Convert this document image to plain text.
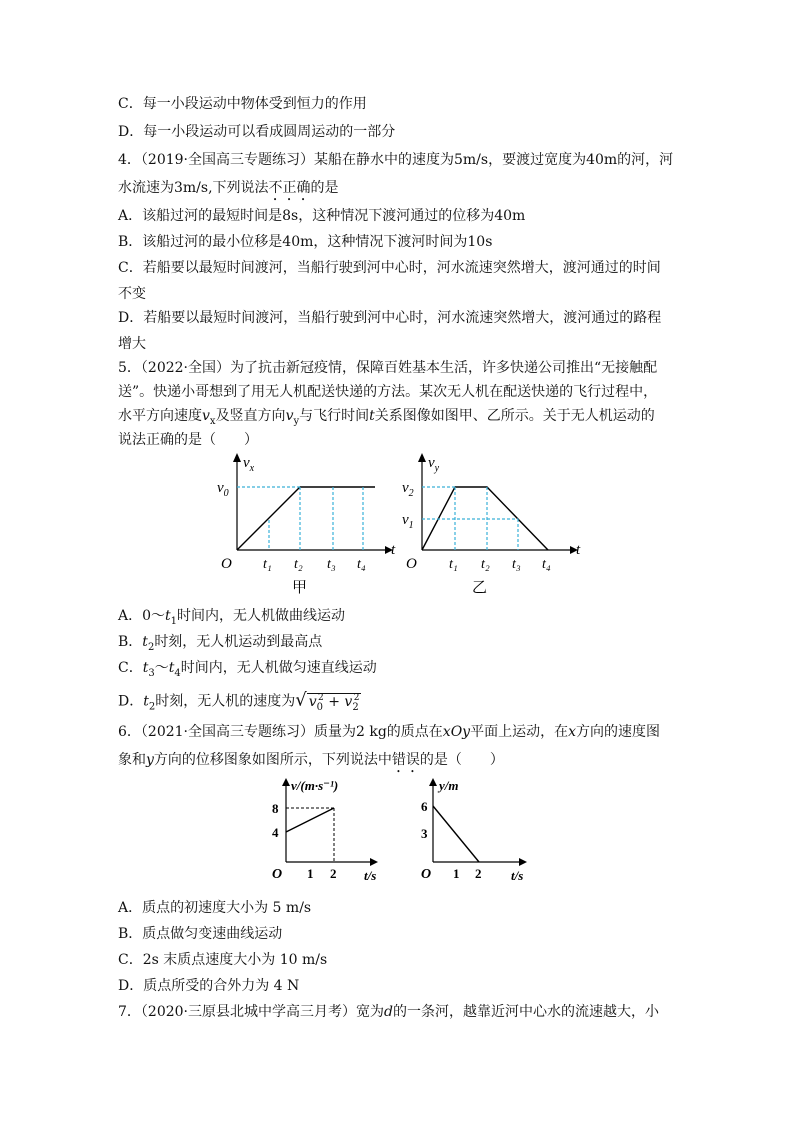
C．每一小段运动中物体受到恒力的作用
D．每一小段运动可以看成圆周运动的一部分
4．（2019·全国高三专题练习）某船在静水中的速度为5m/s，要渡过宽度为40m的河，河
水流速为3m/s,下列说法不正确的是
A．该船过河的最短时间是8s，这种情况下渡河通过的位移为40m
B．该船过河的最小位移是40m，这种情况下渡河时间为10s
C．若船要以最短时间渡河，当船行驶到河中心时，河水流速突然增大，渡河通过的时间
不变
D．若船要以最短时间渡河，当船行驶到河中心时，河水流速突然增大，渡河通过的路程
增大
5．（2022·全国）为了抗击新冠疫情，保障百姓基本生活，许多快递公司推出“无接触配
送”。快递小哥想到了用无人机配送快递的方法。某次无人机在配送快递的飞行过程中，
水平方向速度$v_x$及竖直方向$v_y$与飞行时间t关系图像如图甲、乙所示。关于无人机运动的
说法正确的是（　　）
$v_x$
$v_0$
O
t
t₁ t₂ t₃ t₄
甲
$v_y$
$v_2$
$v_1$
O
t
t₁ t₂ t₃ t₄
乙
A．$0\sim t_1$时间内，无人机做曲线运动
B．$t_2$时刻，无人机运动到最高点
C．$t_3\sim t_4$时间内，无人机做匀速直线运动
D．$t_2$时刻，无人机的速度为√ $v_0^2 + v_2^2$
6．（2021·全国高三专题练习）质量为2 kg的质点在xOy平面上运动，在x方向的速度图
象和y方向的位移图象如图所示，下列说法中错误的是（　　）
v/(m·s⁻¹)
8
4
O 1 2 t/s
y/m
6
3
O 1 2 t/s
A．质点的初速度大小为 5 m/s
B．质点做匀变速曲线运动
C．2s 末质点速度大小为 10 m/s
D．质点所受的合外力为 4 N
7．（2020·三原县北城中学高三月考）宽为d的一条河，越靠近河中心水的流速越大，小
